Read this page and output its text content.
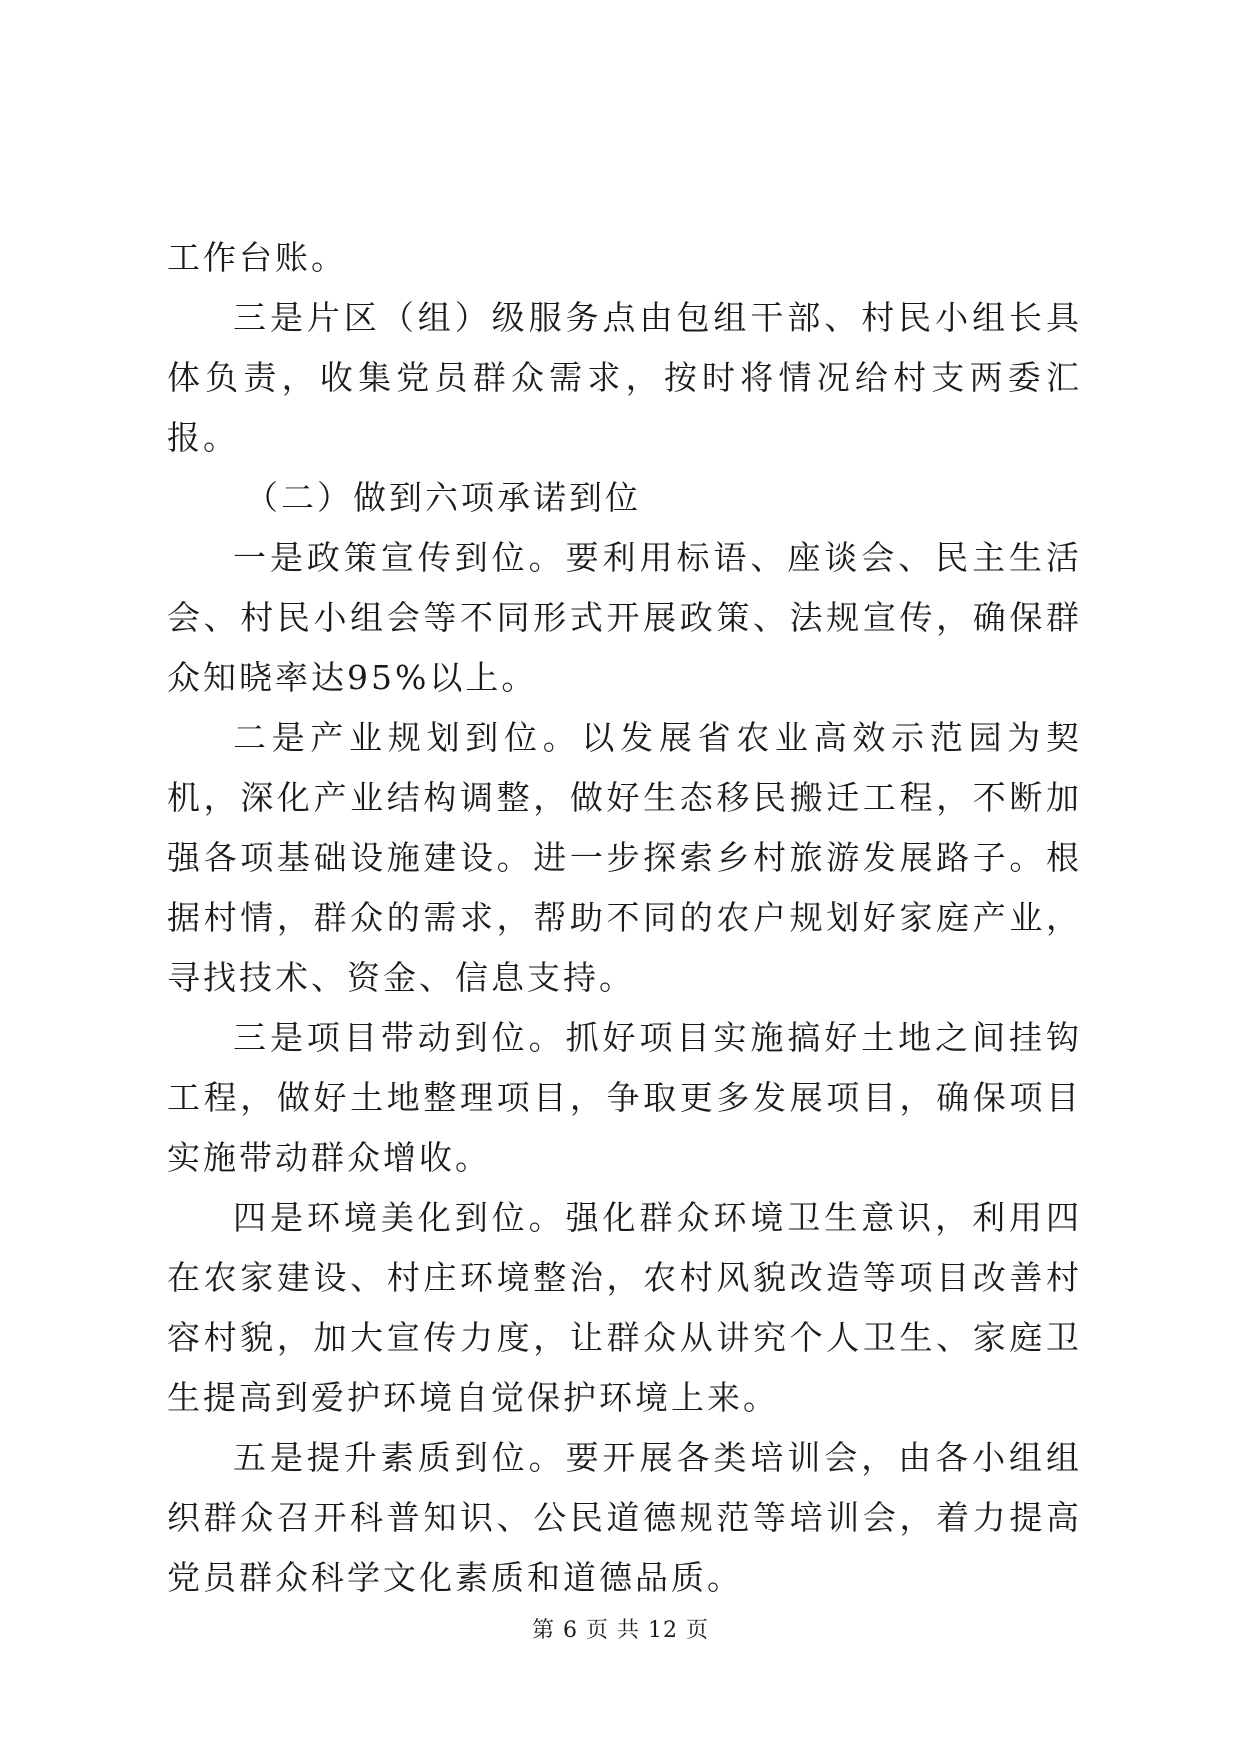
工作台账。

三是片区（组）级服务点由包组干部、村民小组长具体负责，收集党员群众需求，按时将情况给村支两委汇报。

（二）做到六项承诺到位

一是政策宣传到位。要利用标语、座谈会、民主生活会、村民小组会等不同形式开展政策、法规宣传，确保群众知晓率达95%以上。

二是产业规划到位。以发展省农业高效示范园为契机，深化产业结构调整，做好生态移民搬迁工程，不断加强各项基础设施建设。进一步探索乡村旅游发展路子。根据村情，群众的需求，帮助不同的农户规划好家庭产业，寻找技术、资金、信息支持。

三是项目带动到位。抓好项目实施搞好土地之间挂钩工程，做好土地整理项目，争取更多发展项目，确保项目实施带动群众增收。

四是环境美化到位。强化群众环境卫生意识，利用四在农家建设、村庄环境整治，农村风貌改造等项目改善村容村貌，加大宣传力度，让群众从讲究个人卫生、家庭卫生提高到爱护环境自觉保护环境上来。

五是提升素质到位。要开展各类培训会，由各小组组织群众召开科普知识、公民道德规范等培训会，着力提高党员群众科学文化素质和道德品质。

第 6 页 共 12 页
